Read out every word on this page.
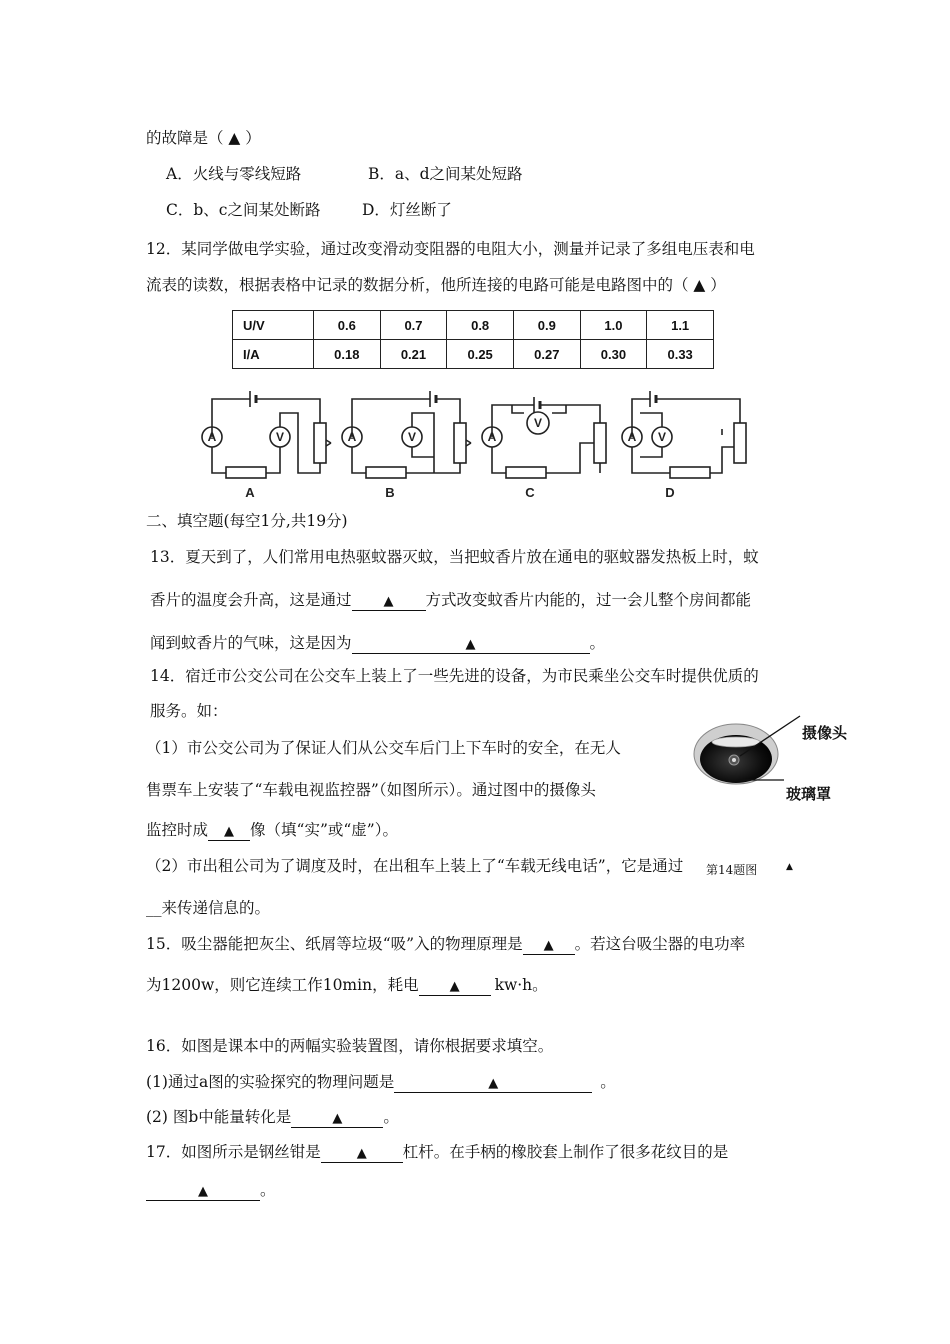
的故障是（ ▲ ）
A．火线与零线短路	B．a、d之间某处短路
C．b、c之间某处断路	D．灯丝断了
12．某同学做电学实验，通过改变滑动变阻器的电阻大小，测量并记录了多组电压表和电
流表的读数，根据表格中记录的数据分析，他所连接的电路可能是电路图中的（ ▲ ）
U/V	0.6	0.7	0.8	0.9	1.0	1.1
I/A	0.18	0.21	0.25	0.27	0.30	0.33
A	V	A	V	A
V
A V
A	B	C	D
二、填空题(每空1分,共19分)
13．夏天到了，人们常用电热驱蚊器灭蚊，当把蚊香片放在通电的驱蚊器发热板上时，蚊
香片的温度会升高，这是通过 ▲ 方式改变蚊香片内能的，过一会儿整个房间都能
闻到蚊香片的气味，这是因为	▲	。
14．宿迁市公交公司在公交车上装上了一些先进的设备，为市民乘坐公交车时提供优质的
服务。如：
（1）市公交公司为了保证人们从公交车后门上下车时的安全，在无人
售票车上安装了“车载电视监控器”（如图所示）。通过图中的摄像头
监控时成 ▲ 像（填“实”或“虚”）。
（2）市出租公司为了调度及时，在出租车上装上了“车载无线电话”，它是通过
__来传递信息的。
摄像头
玻璃罩
第14题图	▲
15．吸尘器能把灰尘、纸屑等垃圾“吸”入的物理原理是 ▲ 。若这台吸尘器的电功率
为1200w，则它连续工作10min，耗电 ▲ kw·h。
16．如图是课本中的两幅实验装置图，请你根据要求填空。
(1)通过a图的实验探究的物理问题是	▲	。
(2) 图b中能量转化是	▲	。
17．如图所示是钢丝钳是	▲ 杠杆。在手柄的橡胶套上制作了很多花纹目的是
▲	。
